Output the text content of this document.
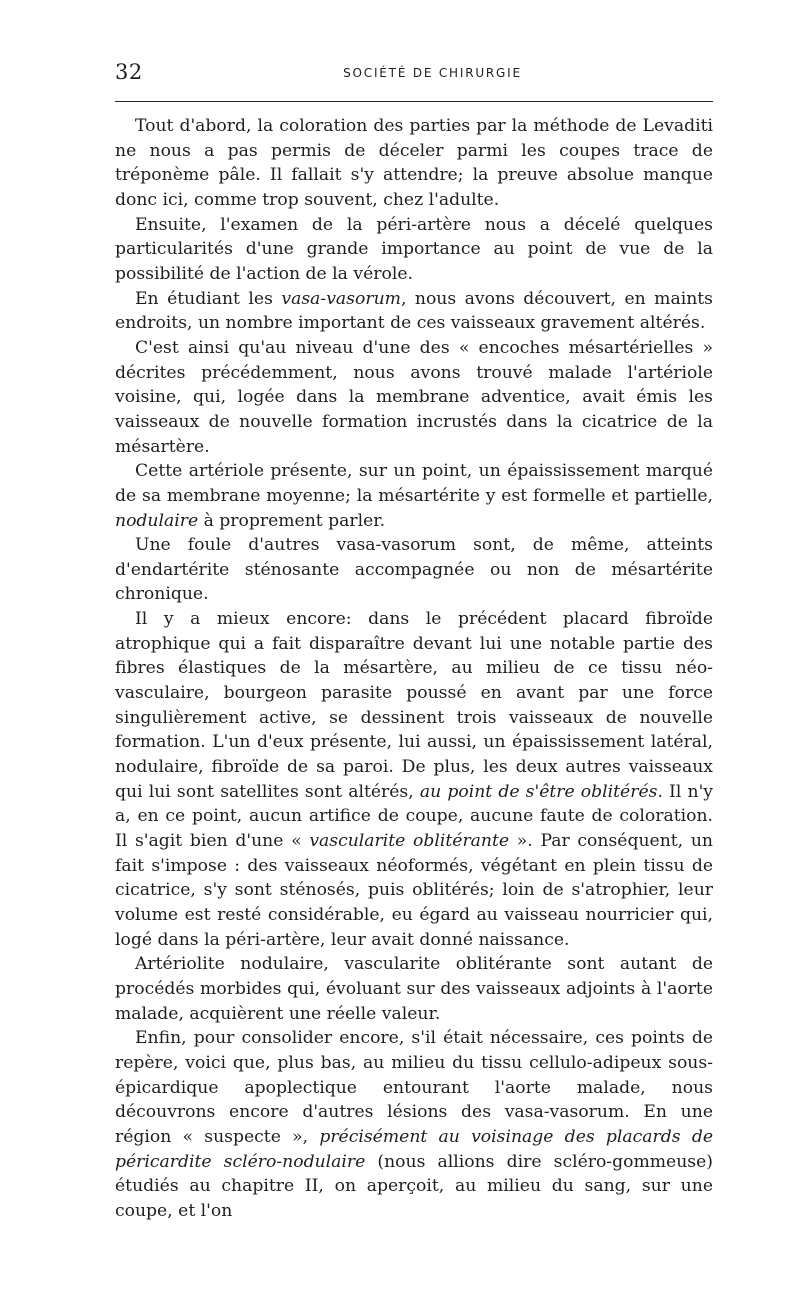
32	SOCIÉTÉ DE CHIRURGIE

Tout d'abord, la coloration des parties par la méthode de Levaditi ne nous a pas permis de déceler parmi les coupes trace de tréponème pâle. Il fallait s'y attendre; la preuve absolue manque donc ici, comme trop souvent, chez l'adulte.

Ensuite, l'examen de la péri-artère nous a décelé quelques particularités d'une grande importance au point de vue de la possibilité de l'action de la vérole.

En étudiant les vasa-vasorum, nous avons découvert, en maints endroits, un nombre important de ces vaisseaux gravement altérés.

C'est ainsi qu'au niveau d'une des « encoches mésartérielles » décrites précédemment, nous avons trouvé malade l'artériole voisine, qui, logée dans la membrane adventice, avait émis les vaisseaux de nouvelle formation incrustés dans la cicatrice de la mésartère.

Cette artériole présente, sur un point, un épaississement marqué de sa membrane moyenne; la mésartérite y est formelle et partielle, nodulaire à proprement parler.

Une foule d'autres vasa-vasorum sont, de même, atteints d'endartérite sténosante accompagnée ou non de mésartérite chronique.

Il y a mieux encore: dans le précédent placard fibroïde atrophique qui a fait disparaître devant lui une notable partie des fibres élastiques de la mésartère, au milieu de ce tissu néo-vasculaire, bourgeon parasite poussé en avant par une force singulièrement active, se dessinent trois vaisseaux de nouvelle formation. L'un d'eux présente, lui aussi, un épaississement latéral, nodulaire, fibroïde de sa paroi. De plus, les deux autres vaisseaux qui lui sont satellites sont altérés, au point de s'être oblitérés. Il n'y a, en ce point, aucun artifice de coupe, aucune faute de coloration. Il s'agit bien d'une « vascularite oblitérante ». Par conséquent, un fait s'impose : des vaisseaux néoformés, végétant en plein tissu de cicatrice, s'y sont sténosés, puis oblitérés; loin de s'atrophier, leur volume est resté considérable, eu égard au vaisseau nourricier qui, logé dans la péri-artère, leur avait donné naissance.

Artériolite nodulaire, vascularite oblitérante sont autant de procédés morbides qui, évoluant sur des vaisseaux adjoints à l'aorte malade, acquièrent une réelle valeur.

Enfin, pour consolider encore, s'il était nécessaire, ces points de repère, voici que, plus bas, au milieu du tissu cellulo-adipeux sous-épicardique apoplectique entourant l'aorte malade, nous découvrons encore d'autres lésions des vasa-vasorum. En une région « suspecte », précisément au voisinage des placards de péricardite scléro-nodulaire (nous allions dire scléro-gommeuse) étudiés au chapitre II, on aperçoit, au milieu du sang, sur une coupe, et l'on
